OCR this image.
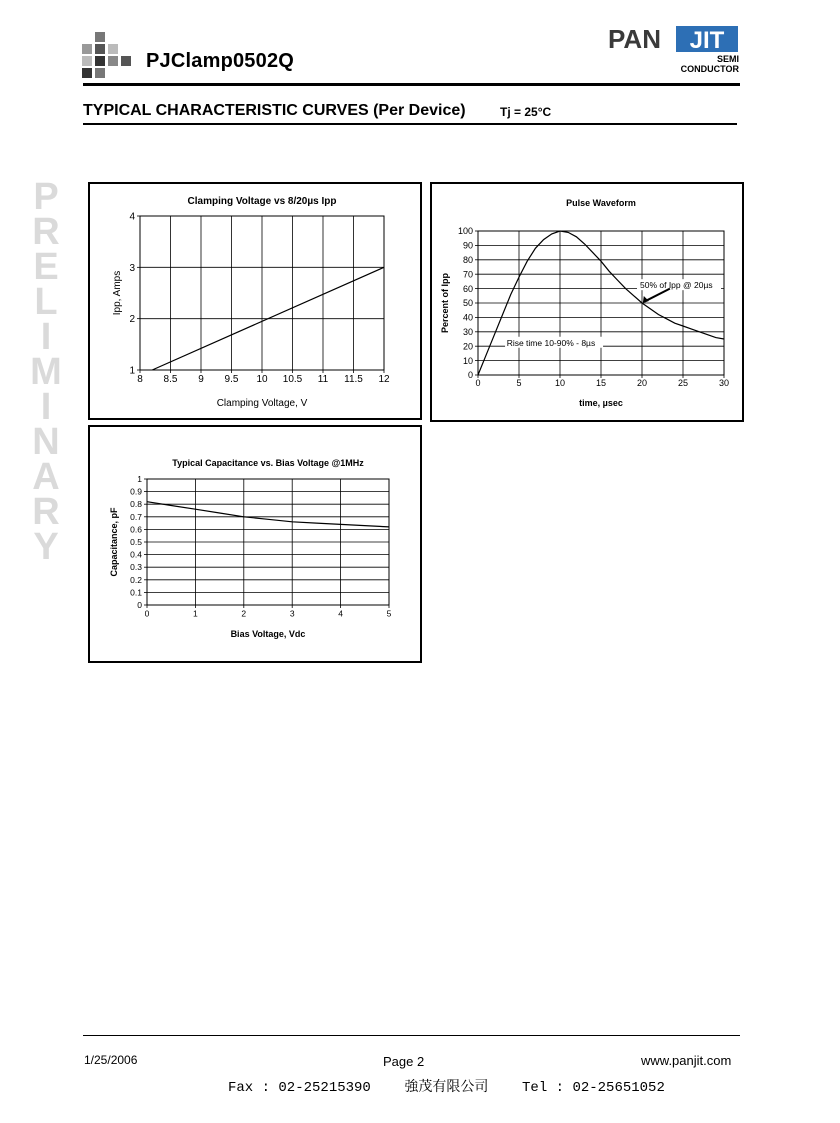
PJClamp0502Q
PAN JIT
SEMI
CONDUCTOR
TYPICAL CHARACTERISTIC CURVES (Per Device)	Tj = 25°C
P
R
E
L
I
M
I
N
A
R
Y
Clamping Voltage vs 8/20µs Ipp
8 8.5 9 9.5 10 10.5 11 11.5 12
1
2
3
4
Clamping Voltage, V
Ipp, Amps
Pulse Waveform
0	5	10	15	20	25	30
0
10
20
30
40
50
60
70
80
90
100
time, µsec
Percent of Ipp	50% of Ipp @ 20µs
Rise time 10-90% - 8µs
Typical Capacitance vs. Bias Voltage @1MHz
0	1	2	3	4	5
0
0.1
0.2
0.3
0.4
0.5
0.6
0.7
0.8
0.9
1
Bias Voltage, Vdc
Capacitance, pF
1/25/2006	Page 2	www.panjit.com
Fax : 02-25215390    強茂有限公司    Tel : 02-25651052
